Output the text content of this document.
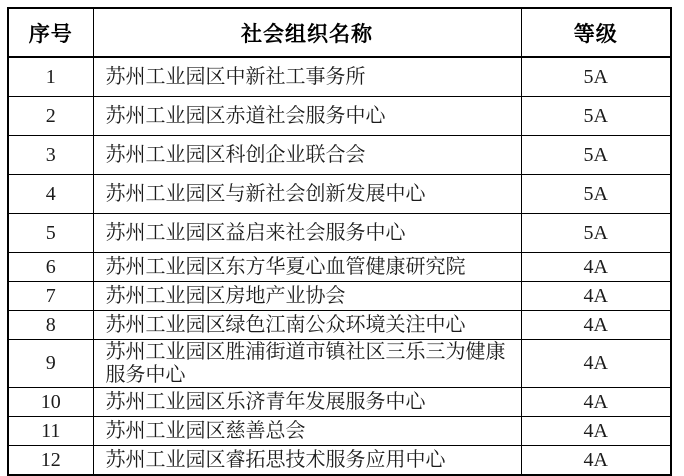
序号	社会组织名称	等级
1	苏州工业园区中新社工事务所	5A
2	苏州工业园区赤道社会服务中心	5A
3	苏州工业园区科创企业联合会	5A
4	苏州工业园区与新社会创新发展中心	5A
5	苏州工业园区益启来社会服务中心	5A
6	苏州工业园区东方华夏心血管健康研究院	4A
7	苏州工业园区房地产业协会	4A
8	苏州工业园区绿色江南公众环境关注中心	4A
9	苏州工业园区胜浦街道市镇社区三乐三为健康服务中心	4A
10	苏州工业园区乐济青年发展服务中心	4A
11	苏州工业园区慈善总会	4A
12	苏州工业园区睿拓思技术服务应用中心	4A
